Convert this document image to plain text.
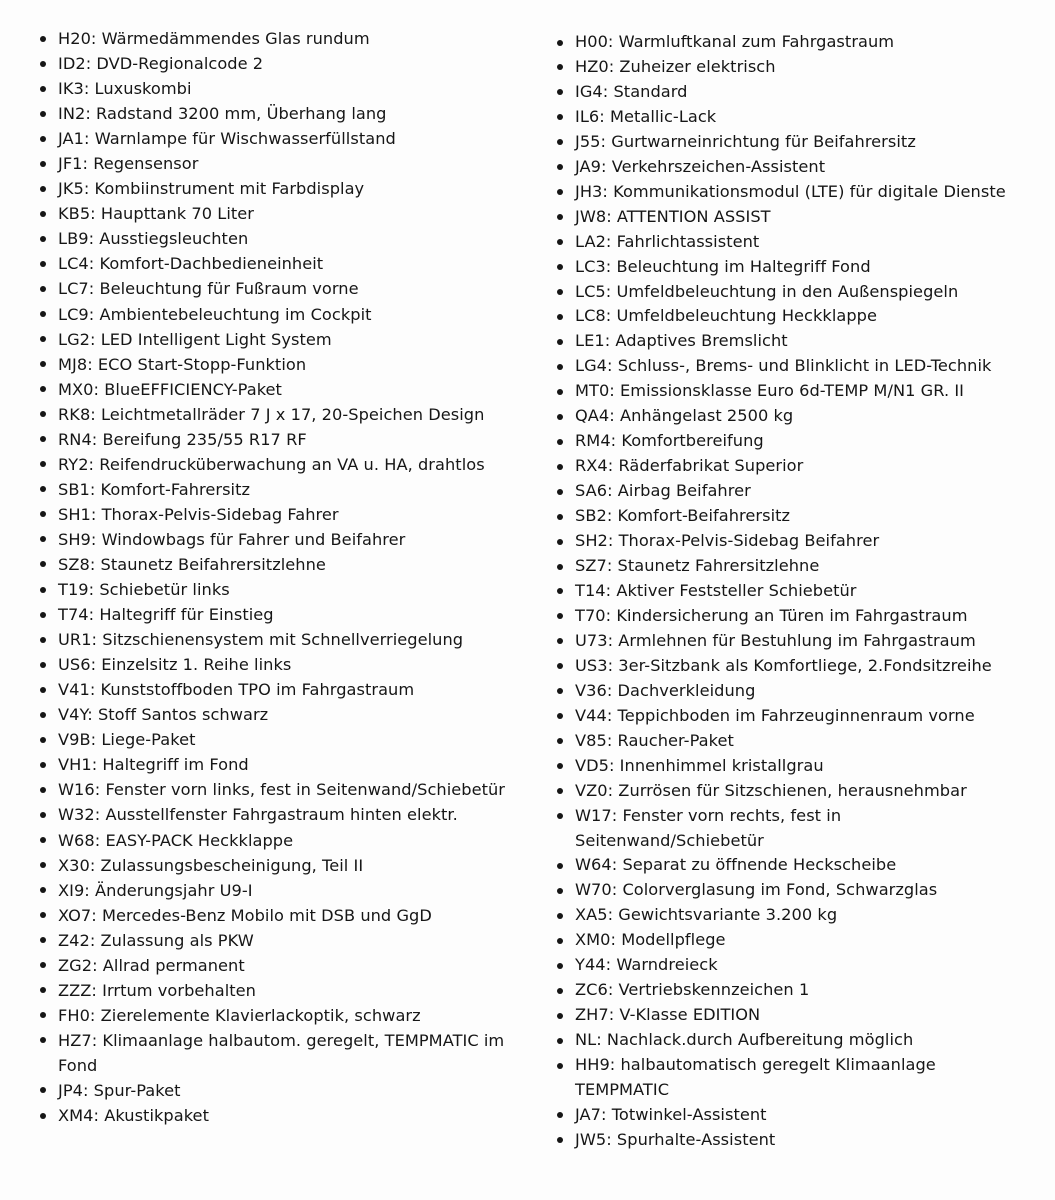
H20: Wärmedämmendes Glas rundum
ID2: DVD-Regionalcode 2
IK3: Luxuskombi
IN2: Radstand 3200 mm, Überhang lang
JA1: Warnlampe für Wischwasserfüllstand
JF1: Regensensor
JK5: Kombiinstrument mit Farbdisplay
KB5: Haupttank 70 Liter
LB9: Ausstiegsleuchten
LC4: Komfort-Dachbedieneinheit
LC7: Beleuchtung für Fußraum vorne
LC9: Ambientebeleuchtung im Cockpit
LG2: LED Intelligent Light System
MJ8: ECO Start-Stopp-Funktion
MX0: BlueEFFICIENCY-Paket
RK8: Leichtmetallräder 7 J x 17, 20-Speichen Design
RN4: Bereifung 235/55 R17 RF
RY2: Reifendrucküberwachung an VA u. HA, drahtlos
SB1: Komfort-Fahrersitz
SH1: Thorax-Pelvis-Sidebag Fahrer
SH9: Windowbags für Fahrer und Beifahrer
SZ8: Staunetz Beifahrersitzlehne
T19: Schiebetür links
T74: Haltegriff für Einstieg
UR1: Sitzschienensystem mit Schnellverriegelung
US6: Einzelsitz 1. Reihe links
V41: Kunststoffboden TPO im Fahrgastraum
V4Y: Stoff Santos schwarz
V9B: Liege-Paket
VH1: Haltegriff im Fond
W16: Fenster vorn links, fest in Seitenwand/Schiebetür
W32: Ausstellfenster Fahrgastraum hinten elektr.
W68: EASY-PACK Heckklappe
X30: Zulassungsbescheinigung, Teil II
XI9: Änderungsjahr U9-I
XO7: Mercedes-Benz Mobilo mit DSB und GgD
Z42: Zulassung als PKW
ZG2: Allrad permanent
ZZZ: Irrtum vorbehalten
FH0: Zierelemente Klavierlackoptik, schwarz
HZ7: Klimaanlage halbautom. geregelt, TEMPMATIC im
Fond
JP4: Spur-Paket
XM4: Akustikpaket
H00: Warmluftkanal zum Fahrgastraum
HZ0: Zuheizer elektrisch
IG4: Standard
IL6: Metallic-Lack
J55: Gurtwarneinrichtung für Beifahrersitz
JA9: Verkehrszeichen-Assistent
JH3: Kommunikationsmodul (LTE) für digitale Dienste
JW8: ATTENTION ASSIST
LA2: Fahrlichtassistent
LC3: Beleuchtung im Haltegriff Fond
LC5: Umfeldbeleuchtung in den Außenspiegeln
LC8: Umfeldbeleuchtung Heckklappe
LE1: Adaptives Bremslicht
LG4: Schluss-, Brems- und Blinklicht in LED-Technik
MT0: Emissionsklasse Euro 6d-TEMP M/N1 GR. II
QA4: Anhängelast 2500 kg
RM4: Komfortbereifung
RX4: Räderfabrikat Superior
SA6: Airbag Beifahrer
SB2: Komfort-Beifahrersitz
SH2: Thorax-Pelvis-Sidebag Beifahrer
SZ7: Staunetz Fahrersitzlehne
T14: Aktiver Feststeller Schiebetür
T70: Kindersicherung an Türen im Fahrgastraum
U73: Armlehnen für Bestuhlung im Fahrgastraum
US3: 3er-Sitzbank als Komfortliege, 2.Fondsitzreihe
V36: Dachverkleidung
V44: Teppichboden im Fahrzeuginnenraum vorne
V85: Raucher-Paket
VD5: Innenhimmel kristallgrau
VZ0: Zurrösen für Sitzschienen, herausnehmbar
W17: Fenster vorn rechts, fest in
Seitenwand/Schiebetür
W64: Separat zu öffnende Heckscheibe
W70: Colorverglasung im Fond, Schwarzglas
XA5: Gewichtsvariante 3.200 kg
XM0: Modellpflege
Y44: Warndreieck
ZC6: Vertriebskennzeichen 1
ZH7: V-Klasse EDITION
NL: Nachlack.durch Aufbereitung möglich
HH9: halbautomatisch geregelt Klimaanlage
TEMPMATIC
JA7: Totwinkel-Assistent
JW5: Spurhalte-Assistent
